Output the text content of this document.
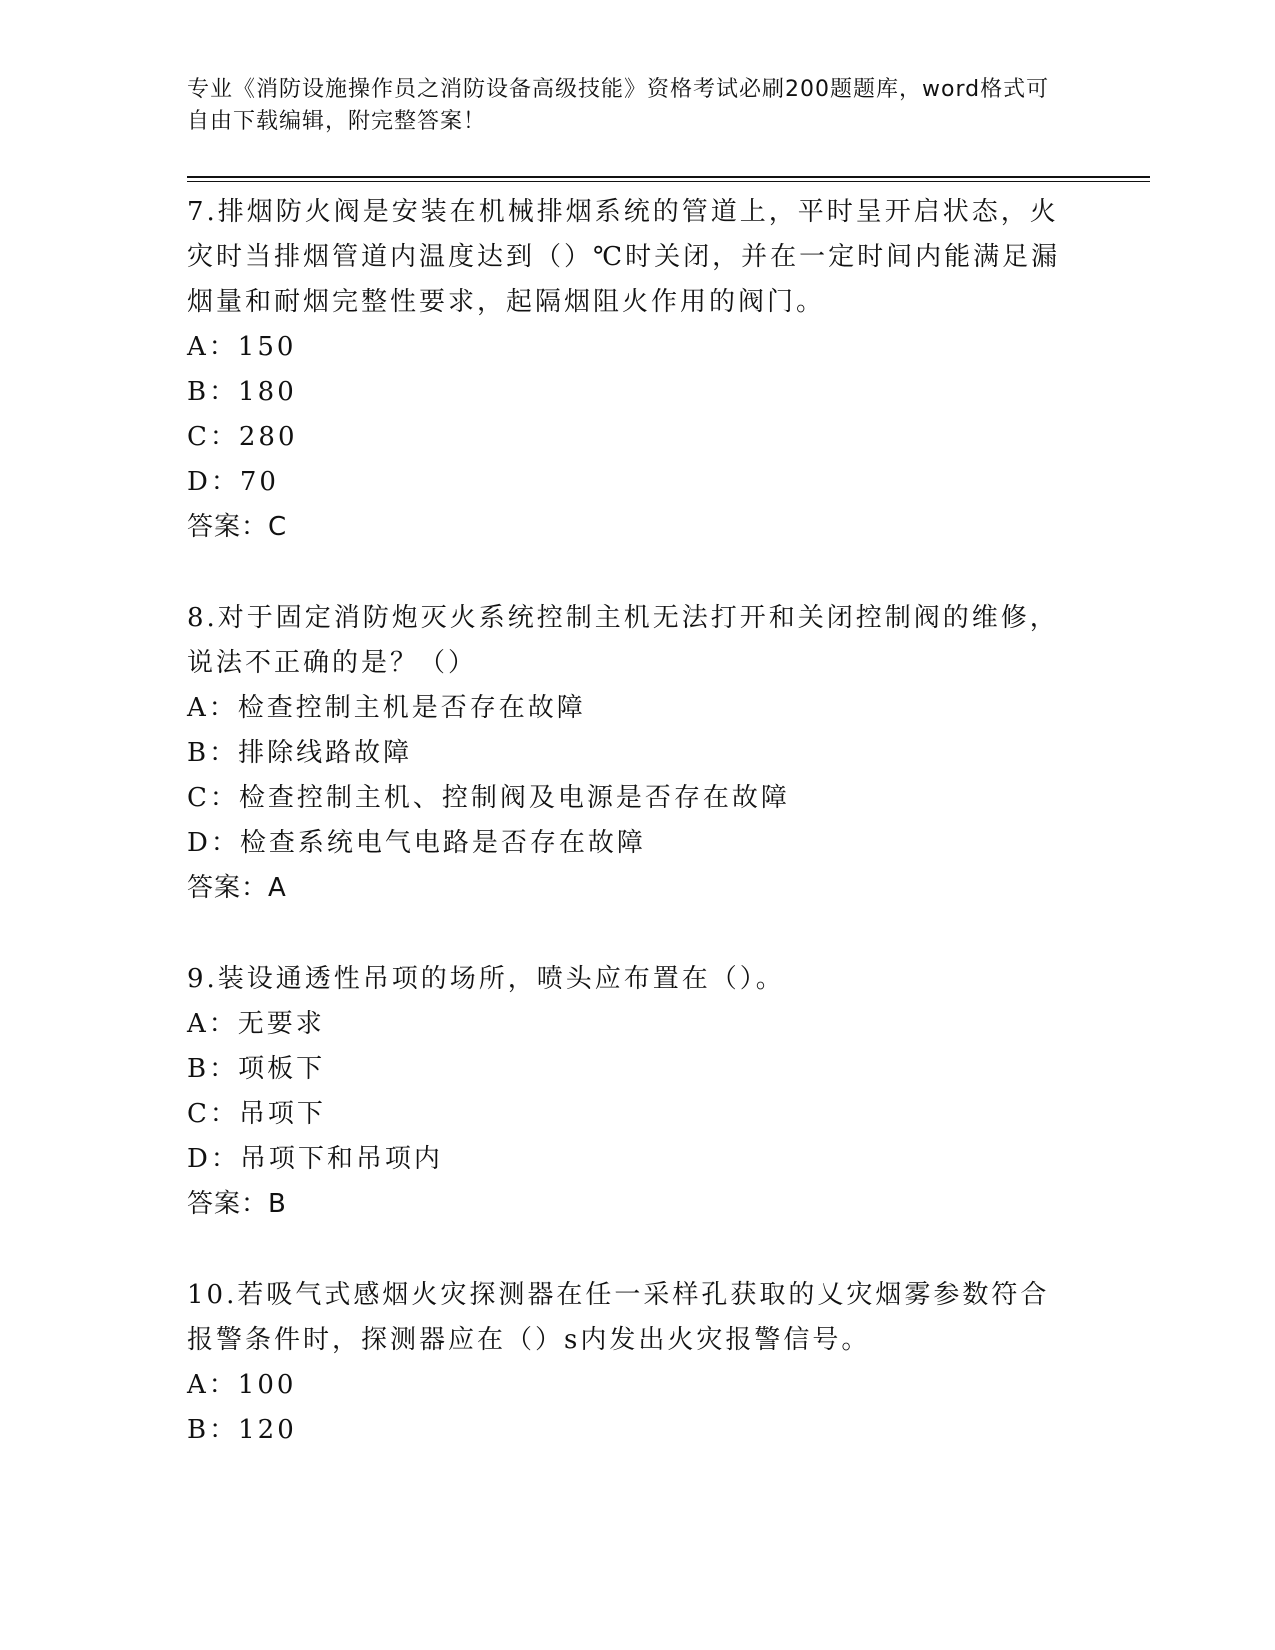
专业《消防设施操作员之消防设备高级技能》资格考试必刷200题题库，word格式可自由下载编辑，附完整答案！
7.排烟防火阀是安装在机械排烟系统的管道上，平时呈开启状态，火灾时当排烟管道内温度达到（）℃时关闭，并在一定时间内能满足漏烟量和耐烟完整性要求，起隔烟阻火作用的阀门。
A：150
B：180
C：280
D：70
答案：C
8.对于固定消防炮灭火系统控制主机无法打开和关闭控制阀的维修，说法不正确的是？（）
A：检查控制主机是否存在故障
B：排除线路故障
C：检查控制主机、控制阀及电源是否存在故障
D：检查系统电气电路是否存在故障
答案：A
9.装设通透性吊项的场所，喷头应布置在（）。
A：无要求
B：项板下
C：吊项下
D：吊项下和吊项内
答案：B
10.若吸气式感烟火灾探测器在任一采样孔获取的乂灾烟雾参数符合报警条件时，探测器应在（）s内发出火灾报警信号。
A：100
B：120
